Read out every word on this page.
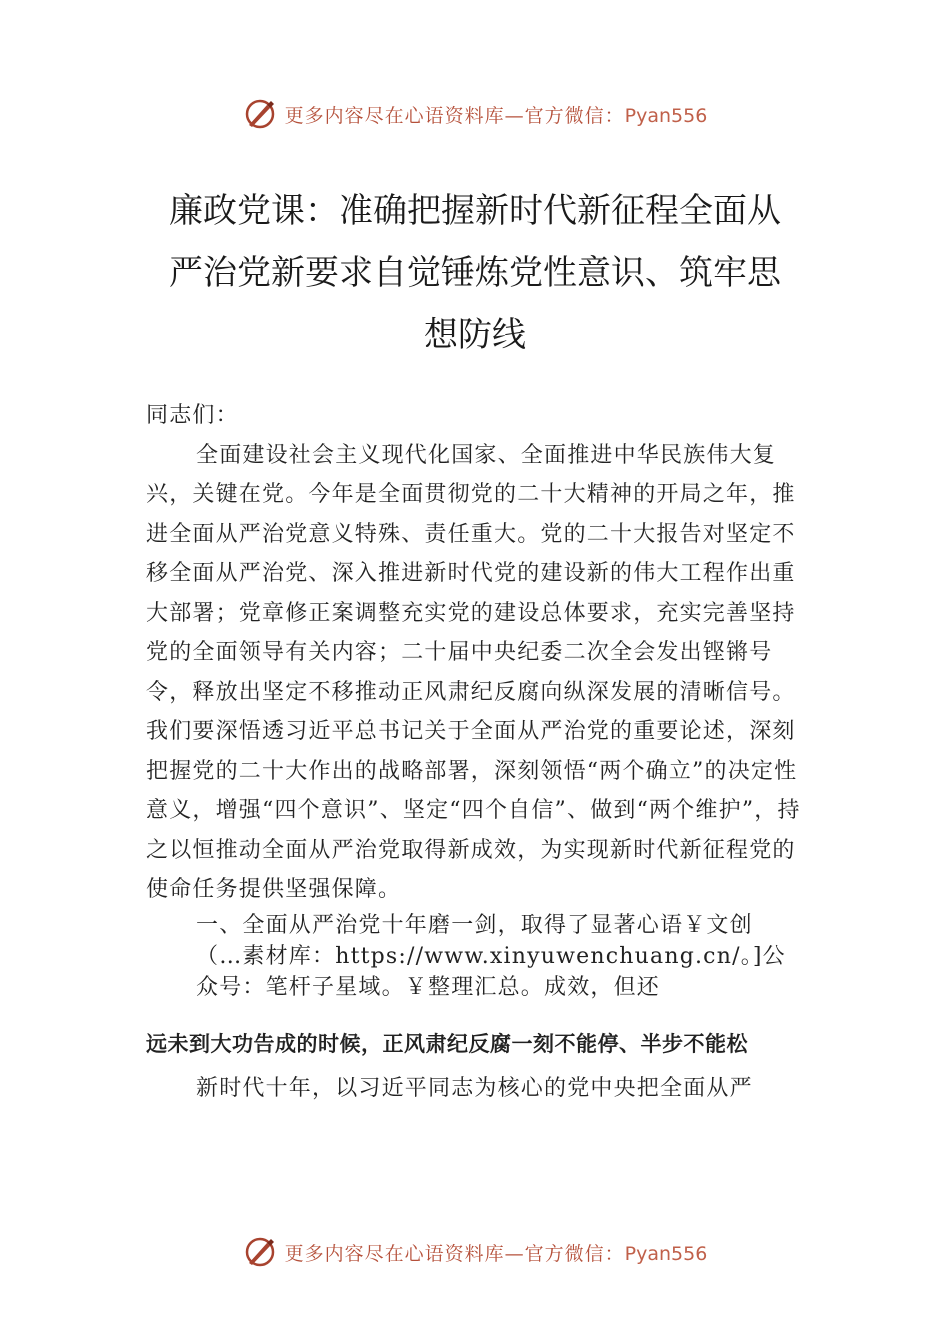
更多内容尽在心语资料库—官方微信：Pyan556
廉政党课：准确把握新时代新征程全面从
严治党新要求自觉锤炼党性意识、筑牢思
想防线

同志们：

全面建设社会主义现代化国家、全面推进中华民族伟大复兴，关键在党。今年是全面贯彻党的二十大精神的开局之年，推进全面从严治党意义特殊、责任重大。党的二十大报告对坚定不移全面从严治党、深入推进新时代党的建设新的伟大工程作出重大部署；党章修正案调整充实党的建设总体要求，充实完善坚持党的全面领导有关内容；二十届中央纪委二次全会发出铿锵号令，释放出坚定不移推动正风肃纪反腐向纵深发展的清晰信号。我们要深悟透习近平总书记关于全面从严治党的重要论述，深刻把握党的二十大作出的战略部署，深刻领悟“两个确立”的决定性意义，增强“四个意识”、坚定“四个自信”、做到“两个维护”，持之以恒推动全面从严治党取得新成效，为实现新时代新征程党的使命任务提供坚强保障。

一、全面从严治党十年磨一剑，取得了显著心语￥文创

（…素材库：https://www.xinyuwenchuang.cn/。]公众号：笔杆子星域。￥整理汇总。成效，但还

远未到大功告成的时候，正风肃纪反腐一刻不能停、半步不能松

新时代十年，以习近平同志为核心的党中央把全面从严

更多内容尽在心语资料库—官方微信：Pyan556
